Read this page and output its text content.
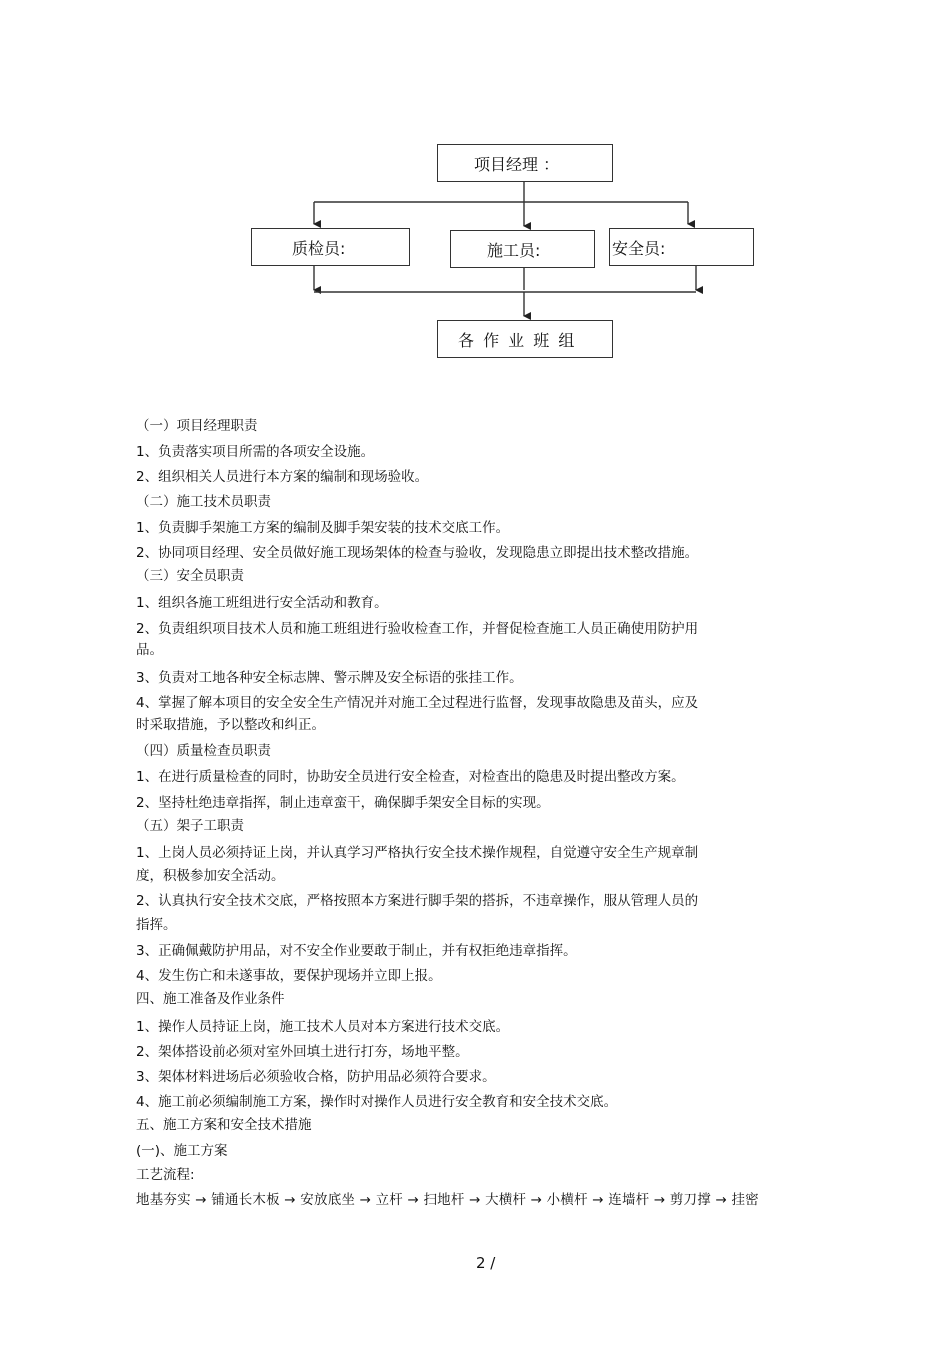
项目经理 ：
质检员:	施工员:	安全员:
各 作 业 班 组
（一）项目经理职责
1、负责落实项目所需的各项安全设施。
2、组织相关人员进行本方案的编制和现场验收。
（二）施工技术员职责
1、负责脚手架施工方案的编制及脚手架安装的技术交底工作。
2、协同项目经理、安全员做好施工现场架体的检查与验收，发现隐患立即提出技术整改措施。
（三）安全员职责
1、组织各施工班组进行安全活动和教育。
2、负责组织项目技术人员和施工班组进行验收检查工作，并督促检查施工人员正确使用防护用
品。
3、负责对工地各种安全标志牌、警示牌及安全标语的张挂工作。
4、掌握了解本项目的安全安全生产情况并对施工全过程进行监督，发现事故隐患及苗头，应及
时采取措施，予以整改和纠正。
（四）质量检查员职责
1、在进行质量检查的同时，协助安全员进行安全检查，对检查出的隐患及时提出整改方案。
2、坚持杜绝违章指挥，制止违章蛮干，确保脚手架安全目标的实现。
（五）架子工职责
1、上岗人员必须持证上岗，并认真学习严格执行安全技术操作规程，自觉遵守安全生产规章制
度，积极参加安全活动。
2、认真执行安全技术交底，严格按照本方案进行脚手架的搭拆，不违章操作，服从管理人员的
指挥。
3、正确佩戴防护用品，对不安全作业要敢于制止，并有权拒绝违章指挥。
4、发生伤亡和未遂事故，要保护现场并立即上报。
四、施工准备及作业条件
1、操作人员持证上岗，施工技术人员对本方案进行技术交底。
2、架体搭设前必须对室外回填土进行打夯，场地平整。
3、架体材料进场后必须验收合格，防护用品必须符合要求。
4、施工前必须编制施工方案，操作时对操作人员进行安全教育和安全技术交底。
五、施工方案和安全技术措施
(一)、施工方案
工艺流程:
地基夯实 → 铺通长木板 → 安放底坐 → 立杆 → 扫地杆 → 大横杆 → 小横杆 → 连墙杆 → 剪刀撑 → 挂密
2 /
